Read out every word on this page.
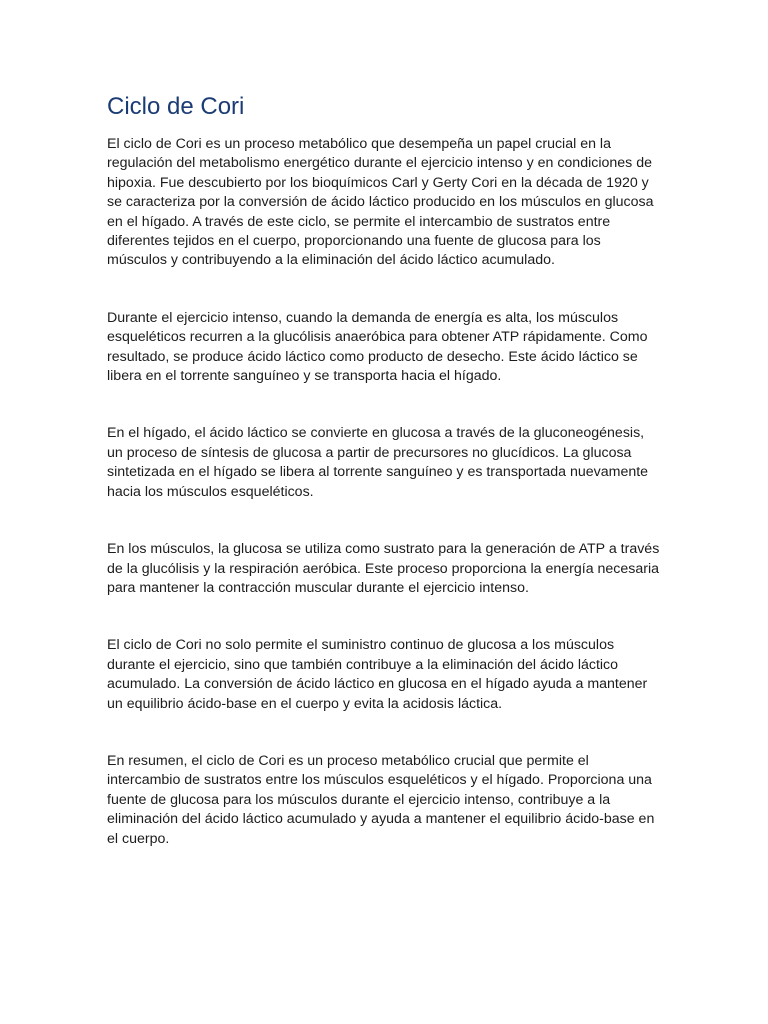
Ciclo de Cori

El ciclo de Cori es un proceso metabólico que desempeña un papel crucial en la regulación del metabolismo energético durante el ejercicio intenso y en condiciones de hipoxia. Fue descubierto por los bioquímicos Carl y Gerty Cori en la década de 1920 y se caracteriza por la conversión de ácido láctico producido en los músculos en glucosa en el hígado. A través de este ciclo, se permite el intercambio de sustratos entre diferentes tejidos en el cuerpo, proporcionando una fuente de glucosa para los músculos y contribuyendo a la eliminación del ácido láctico acumulado.

Durante el ejercicio intenso, cuando la demanda de energía es alta, los músculos esqueléticos recurren a la glucólisis anaeróbica para obtener ATP rápidamente. Como resultado, se produce ácido láctico como producto de desecho. Este ácido láctico se libera en el torrente sanguíneo y se transporta hacia el hígado.

En el hígado, el ácido láctico se convierte en glucosa a través de la gluconeogénesis, un proceso de síntesis de glucosa a partir de precursores no glucídicos. La glucosa sintetizada en el hígado se libera al torrente sanguíneo y es transportada nuevamente hacia los músculos esqueléticos.

En los músculos, la glucosa se utiliza como sustrato para la generación de ATP a través de la glucólisis y la respiración aeróbica. Este proceso proporciona la energía necesaria para mantener la contracción muscular durante el ejercicio intenso.

El ciclo de Cori no solo permite el suministro continuo de glucosa a los músculos durante el ejercicio, sino que también contribuye a la eliminación del ácido láctico acumulado. La conversión de ácido láctico en glucosa en el hígado ayuda a mantener un equilibrio ácido-base en el cuerpo y evita la acidosis láctica.

En resumen, el ciclo de Cori es un proceso metabólico crucial que permite el intercambio de sustratos entre los músculos esqueléticos y el hígado. Proporciona una fuente de glucosa para los músculos durante el ejercicio intenso, contribuye a la eliminación del ácido láctico acumulado y ayuda a mantener el equilibrio ácido-base en el cuerpo.
